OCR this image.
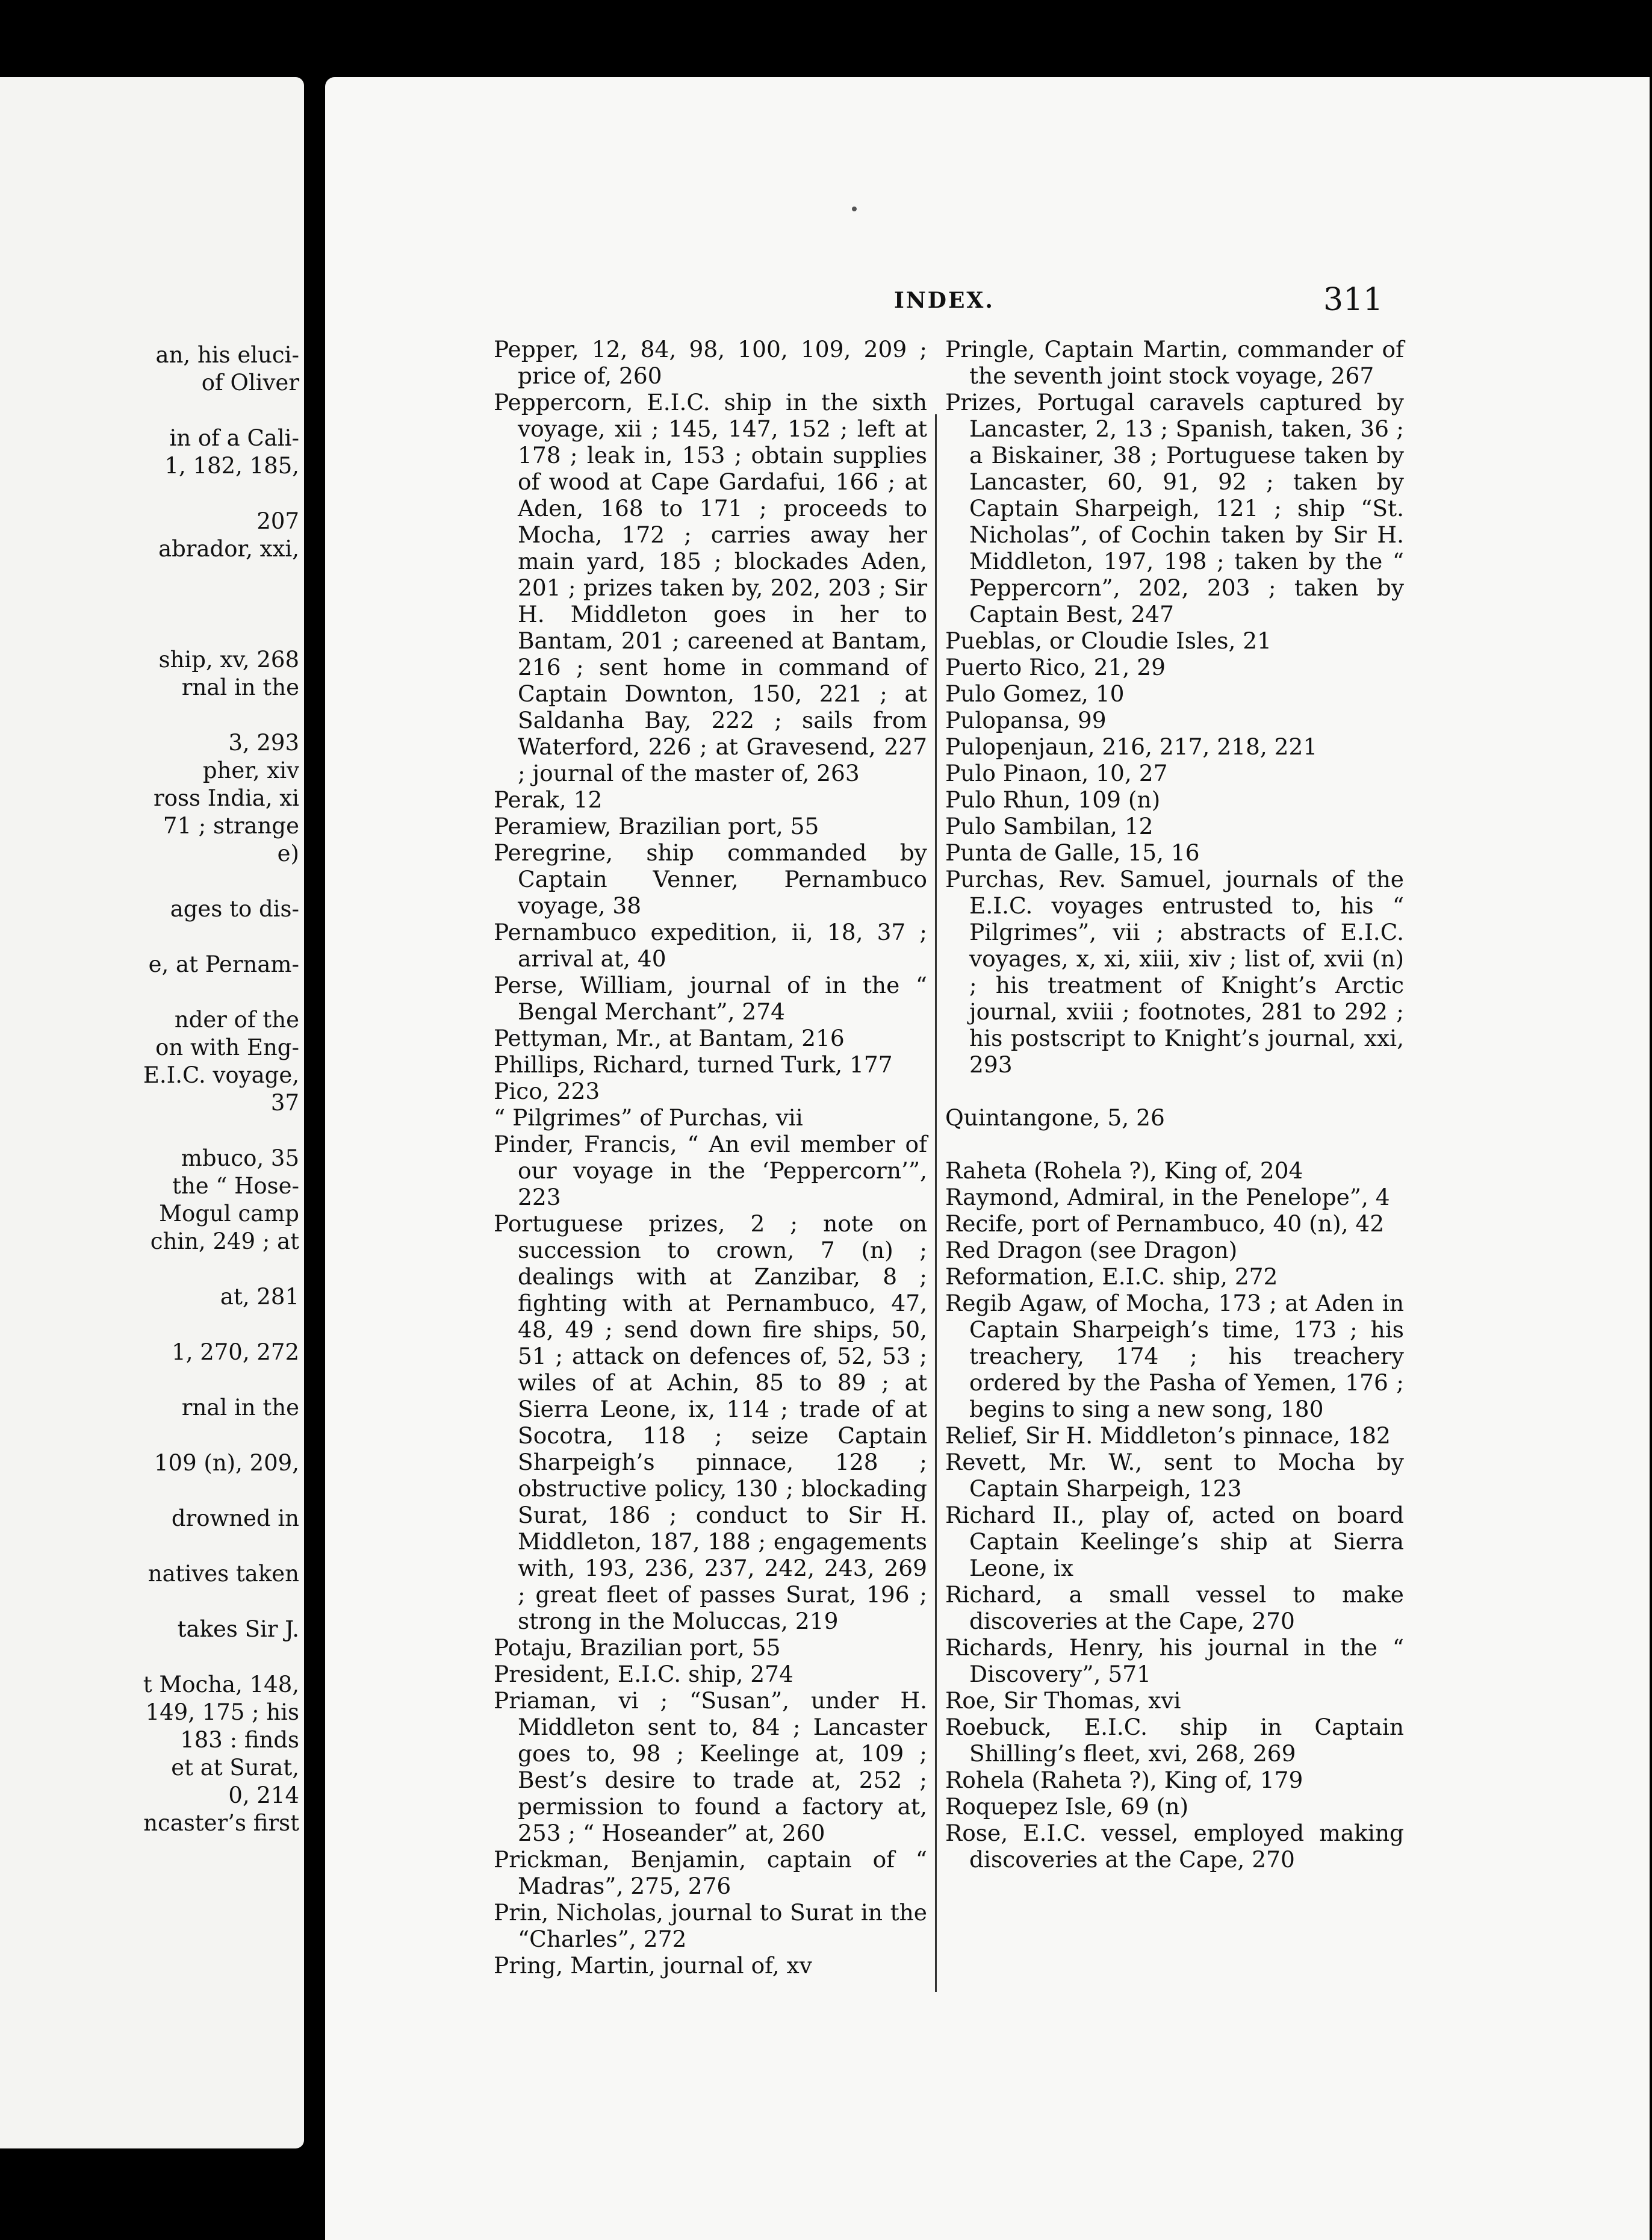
an, his eluci-
of Oliver
in of a Cali-
1, 182, 185,
207
abrador, xxi,
ship, xv, 268
rnal in the
3, 293
pher, xiv
ross India, xi
71 ; strange
e)
ages to dis-
e, at Pernam-
nder of the
on with Eng-
E.I.C. voyage,
37
mbuco, 35
the “ Hose-
Mogul camp
chin, 249 ; at
at, 281
1, 270, 272
rnal in the
109 (n), 209,
drowned in
natives taken
takes Sir J.
t Mocha, 148,
149, 175 ; his
183 : finds
et at Surat,
0, 214
ncaster’s first
INDEX.	311

Pepper, 12, 84, 98, 100, 109, 209 ; price of, 260

Peppercorn, E.I.C. ship in the sixth voyage, xii ; 145, 147, 152 ; left at 178 ; leak in, 153 ; obtain supplies of wood at Cape Gardafui, 166 ; at Aden, 168 to 171 ; proceeds to Mocha, 172 ; carries away her main yard, 185 ; blockades Aden, 201 ; prizes taken by, 202, 203 ; Sir H. Middleton goes in her to Bantam, 201 ; careened at Bantam, 216 ; sent home in command of Captain Downton, 150, 221 ; at Saldanha Bay, 222 ; sails from Waterford, 226 ; at Gravesend, 227 ; journal of the master of, 263

Perak, 12

Peramiew, Brazilian port, 55

Peregrine, ship commanded by Captain Venner, Pernambuco voyage, 38

Pernambuco expedition, ii, 18, 37 ; arrival at, 40

Perse, William, journal of in the “ Bengal Merchant”, 274

Pettyman, Mr., at Bantam, 216

Phillips, Richard, turned Turk, 177

Pico, 223

“ Pilgrimes” of Purchas, vii

Pinder, Francis, “ An evil member of our voyage in the ‘Peppercorn’”, 223

Portuguese prizes, 2 ; note on succession to crown, 7 (n) ; dealings with at Zanzibar, 8 ; fighting with at Pernambuco, 47, 48, 49 ; send down fire ships, 50, 51 ; attack on defences of, 52, 53 ; wiles of at Achin, 85 to 89 ; at Sierra Leone, ix, 114 ; trade of at Socotra, 118 ; seize Captain Sharpeigh’s pinnace, 128 ; obstructive policy, 130 ; blockading Surat, 186 ; conduct to Sir H. Middleton, 187, 188 ; engagements with, 193, 236, 237, 242, 243, 269 ; great fleet of passes Surat, 196 ; strong in the Moluccas, 219

Potaju, Brazilian port, 55

President, E.I.C. ship, 274

Priaman, vi ; “Susan”, under H. Middleton sent to, 84 ; Lancaster goes to, 98 ; Keelinge at, 109 ; Best’s desire to trade at, 252 ; permission to found a factory at, 253 ; “ Hoseander” at, 260

Prickman, Benjamin, captain of “ Madras”, 275, 276

Prin, Nicholas, journal to Surat in the “Charles”, 272

Pring, Martin, journal of, xv

Pringle, Captain Martin, commander of the seventh joint stock voyage, 267

Prizes, Portugal caravels captured by Lancaster, 2, 13 ; Spanish, taken, 36 ; a Biskainer, 38 ; Portuguese taken by Lancaster, 60, 91, 92 ; taken by Captain Sharpeigh, 121 ; ship “St. Nicholas”, of Cochin taken by Sir H. Middleton, 197, 198 ; taken by the “ Peppercorn”, 202, 203 ; taken by Captain Best, 247

Pueblas, or Cloudie Isles, 21

Puerto Rico, 21, 29

Pulo Gomez, 10

Pulopansa, 99

Pulopenjaun, 216, 217, 218, 221

Pulo Pinaon, 10, 27

Pulo Rhun, 109 (n)

Pulo Sambilan, 12

Punta de Galle, 15, 16

Purchas, Rev. Samuel, journals of the E.I.C. voyages entrusted to, his “ Pilgrimes”, vii ; abstracts of E.I.C. voyages, x, xi, xiii, xiv ; list of, xvii (n) ; his treatment of Knight’s Arctic journal, xviii ; footnotes, 281 to 292 ; his postscript to Knight’s journal, xxi, 293

Quintangone, 5, 26

Raheta (Rohela ?), King of, 204

Raymond, Admiral, in the Penelope”, 4

Recife, port of Pernambuco, 40 (n), 42

Red Dragon (see Dragon)

Reformation, E.I.C. ship, 272

Regib Agaw, of Mocha, 173 ; at Aden in Captain Sharpeigh’s time, 173 ; his treachery, 174 ; his treachery ordered by the Pasha of Yemen, 176 ; begins to sing a new song, 180

Relief, Sir H. Middleton’s pinnace, 182

Revett, Mr. W., sent to Mocha by Captain Sharpeigh, 123

Richard II., play of, acted on board Captain Keelinge’s ship at Sierra Leone, ix

Richard, a small vessel to make discoveries at the Cape, 270

Richards, Henry, his journal in the “ Discovery”, 571

Roe, Sir Thomas, xvi

Roebuck, E.I.C. ship in Captain Shilling’s fleet, xvi, 268, 269

Rohela (Raheta ?), King of, 179

Roquepez Isle, 69 (n)

Rose, E.I.C. vessel, employed making discoveries at the Cape, 270
